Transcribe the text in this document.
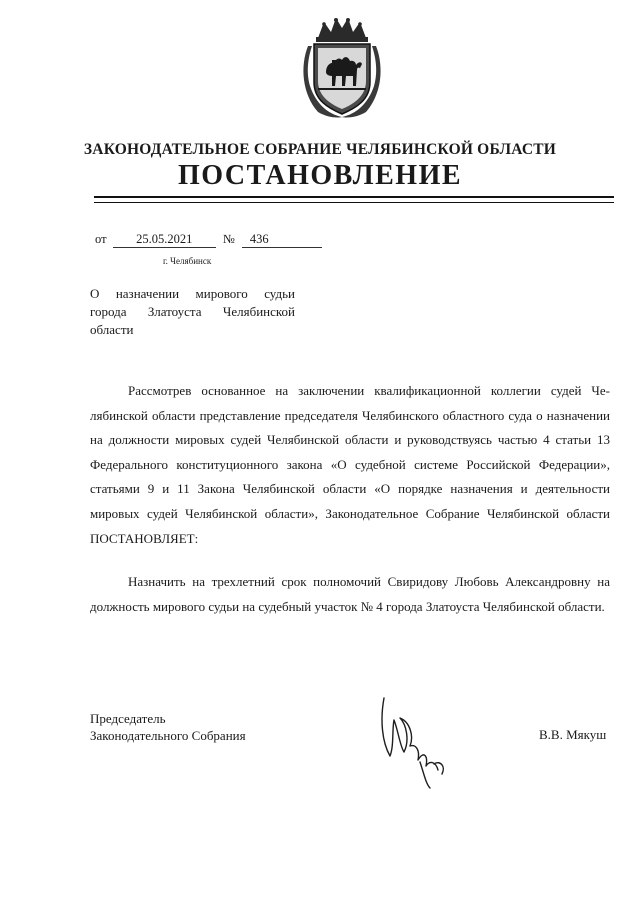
ЗАКОНОДАТЕЛЬНОЕ СОБРАНИЕ ЧЕЛЯБИНСКОЙ ОБЛАСТИ
ПОСТАНОВЛЕНИЕ
от 25.05.2021 № 436
г. Челябинск
О назначении мирового судьи города Златоуста Челябинской области

Рассмотрев основанное на заключении квалификационной коллегии судей Челябинской области представление председателя Челябинского областного суда о назначении на должности мировых судей Челябинской области и руководствуясь частью 4 статьи 13 Федерального конституционного закона «О судебной системе Российской Федерации», статьями 9 и 11 Закона Челябинской области «О порядке назначения и деятельности мировых судей Челябинской области», Законодательное Собрание Челябинской области ПОСТАНОВЛЯЕТ:

Назначить на трехлетний срок полномочий Свиридову Любовь Александровну на должность мирового судьи на судебный участок № 4 города Златоуста Челябинской области.

Председатель
Законодательного Собрания	В.В. Мякуш
